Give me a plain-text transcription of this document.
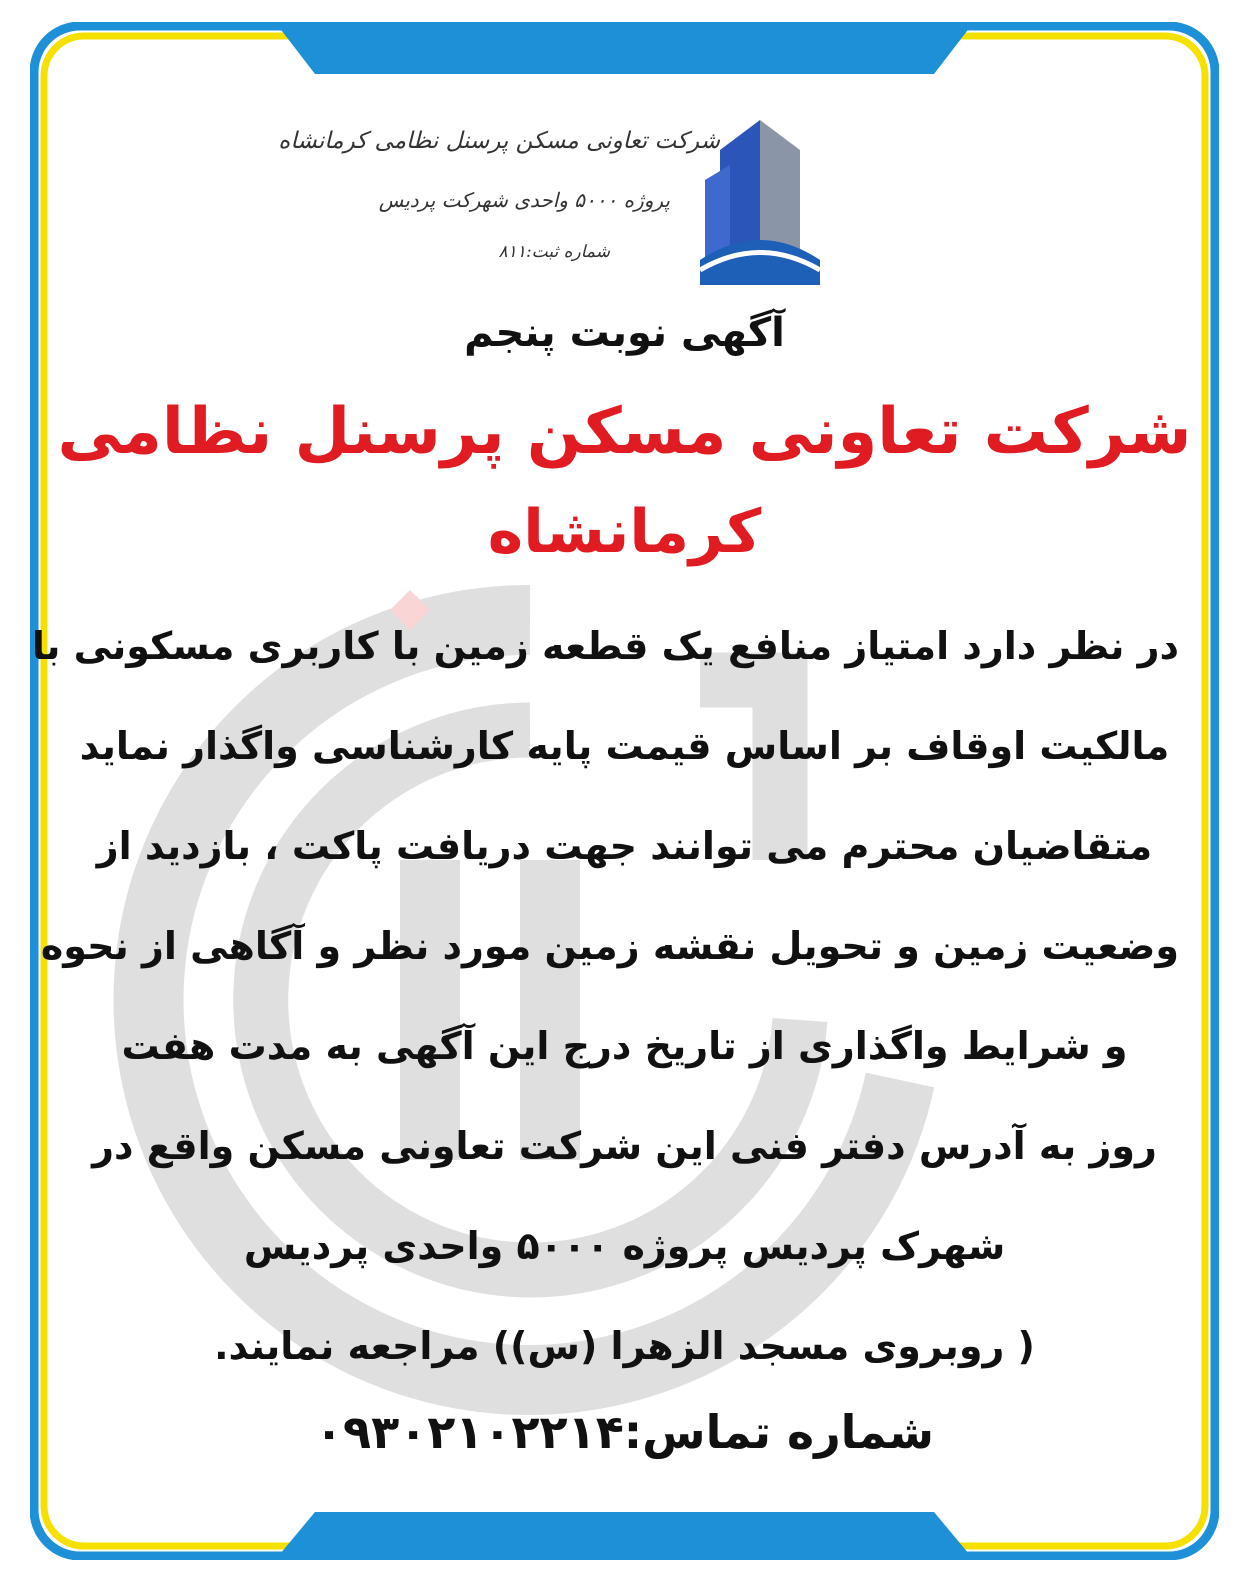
شرکت تعاونی مسکن پرسنل نظامی کرمانشاه
پروژه ۵۰۰۰ واحدی شهرکت پردیس
شماره ثبت:۸۱۱
آگهی نوبت پنجم
شرکت تعاونی مسکن پرسنل نظامی
کرمانشاه
در نظر دارد امتیاز منافع یک قطعه زمین با کاربری مسکونی با
مالکیت اوقاف بر اساس قیمت پایه کارشناسی واگذار نماید
متقاضیان محترم می توانند جهت دریافت پاکت ، بازدید از
وضعیت زمین و تحویل نقشه زمین مورد نظر و آگاهی از نحوه
و شرایط واگذاری از تاریخ درج این آگهی به مدت هفت
روز به آدرس دفتر فنی این شرکت تعاونی مسکن واقع در
شهرک پردیس پروژه ۵۰۰۰ واحدی پردیس
( روبروی مسجد الزهرا (س)) مراجعه نمایند.
شماره تماس:۰۹۳۰۲۱۰۲۲۱۴
